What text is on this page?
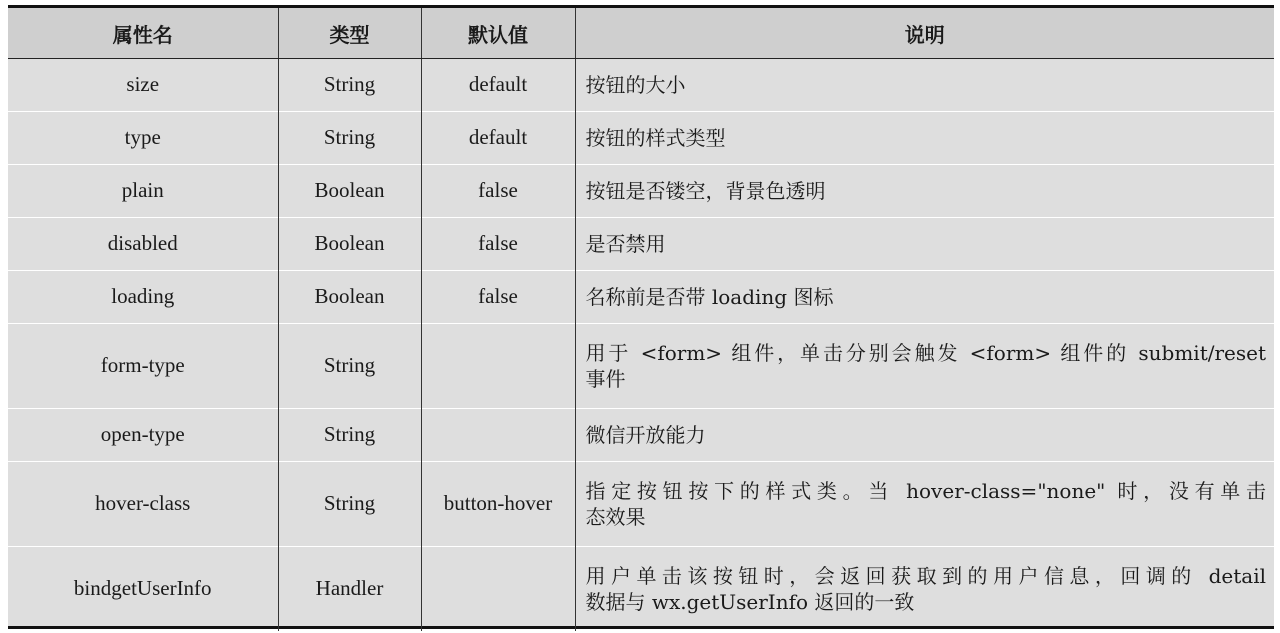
属性名	类型	默认值	说明
size	String	default	按钮的大小

type	String	default	按钮的样式类型

plain	Boolean	false	按钮是否镂空，背景色透明

disabled	Boolean	false	是否禁用

loading	Boolean	false	名称前是否带 loading 图标

form-type	String		用于 <form> 组件，单击分别会触发 <form> 组件的 submit/reset
事件

open-type	String		微信开放能力

hover-class	String	button-hover	指定按钮按下的样式类。当 hover-class="none" 时，没有单击
态效果

bindgetUserInfo	Handler		用户单击该按钮时，会返回获取到的用户信息，回调的 detail
数据与 wx.getUserInfo 返回的一致
